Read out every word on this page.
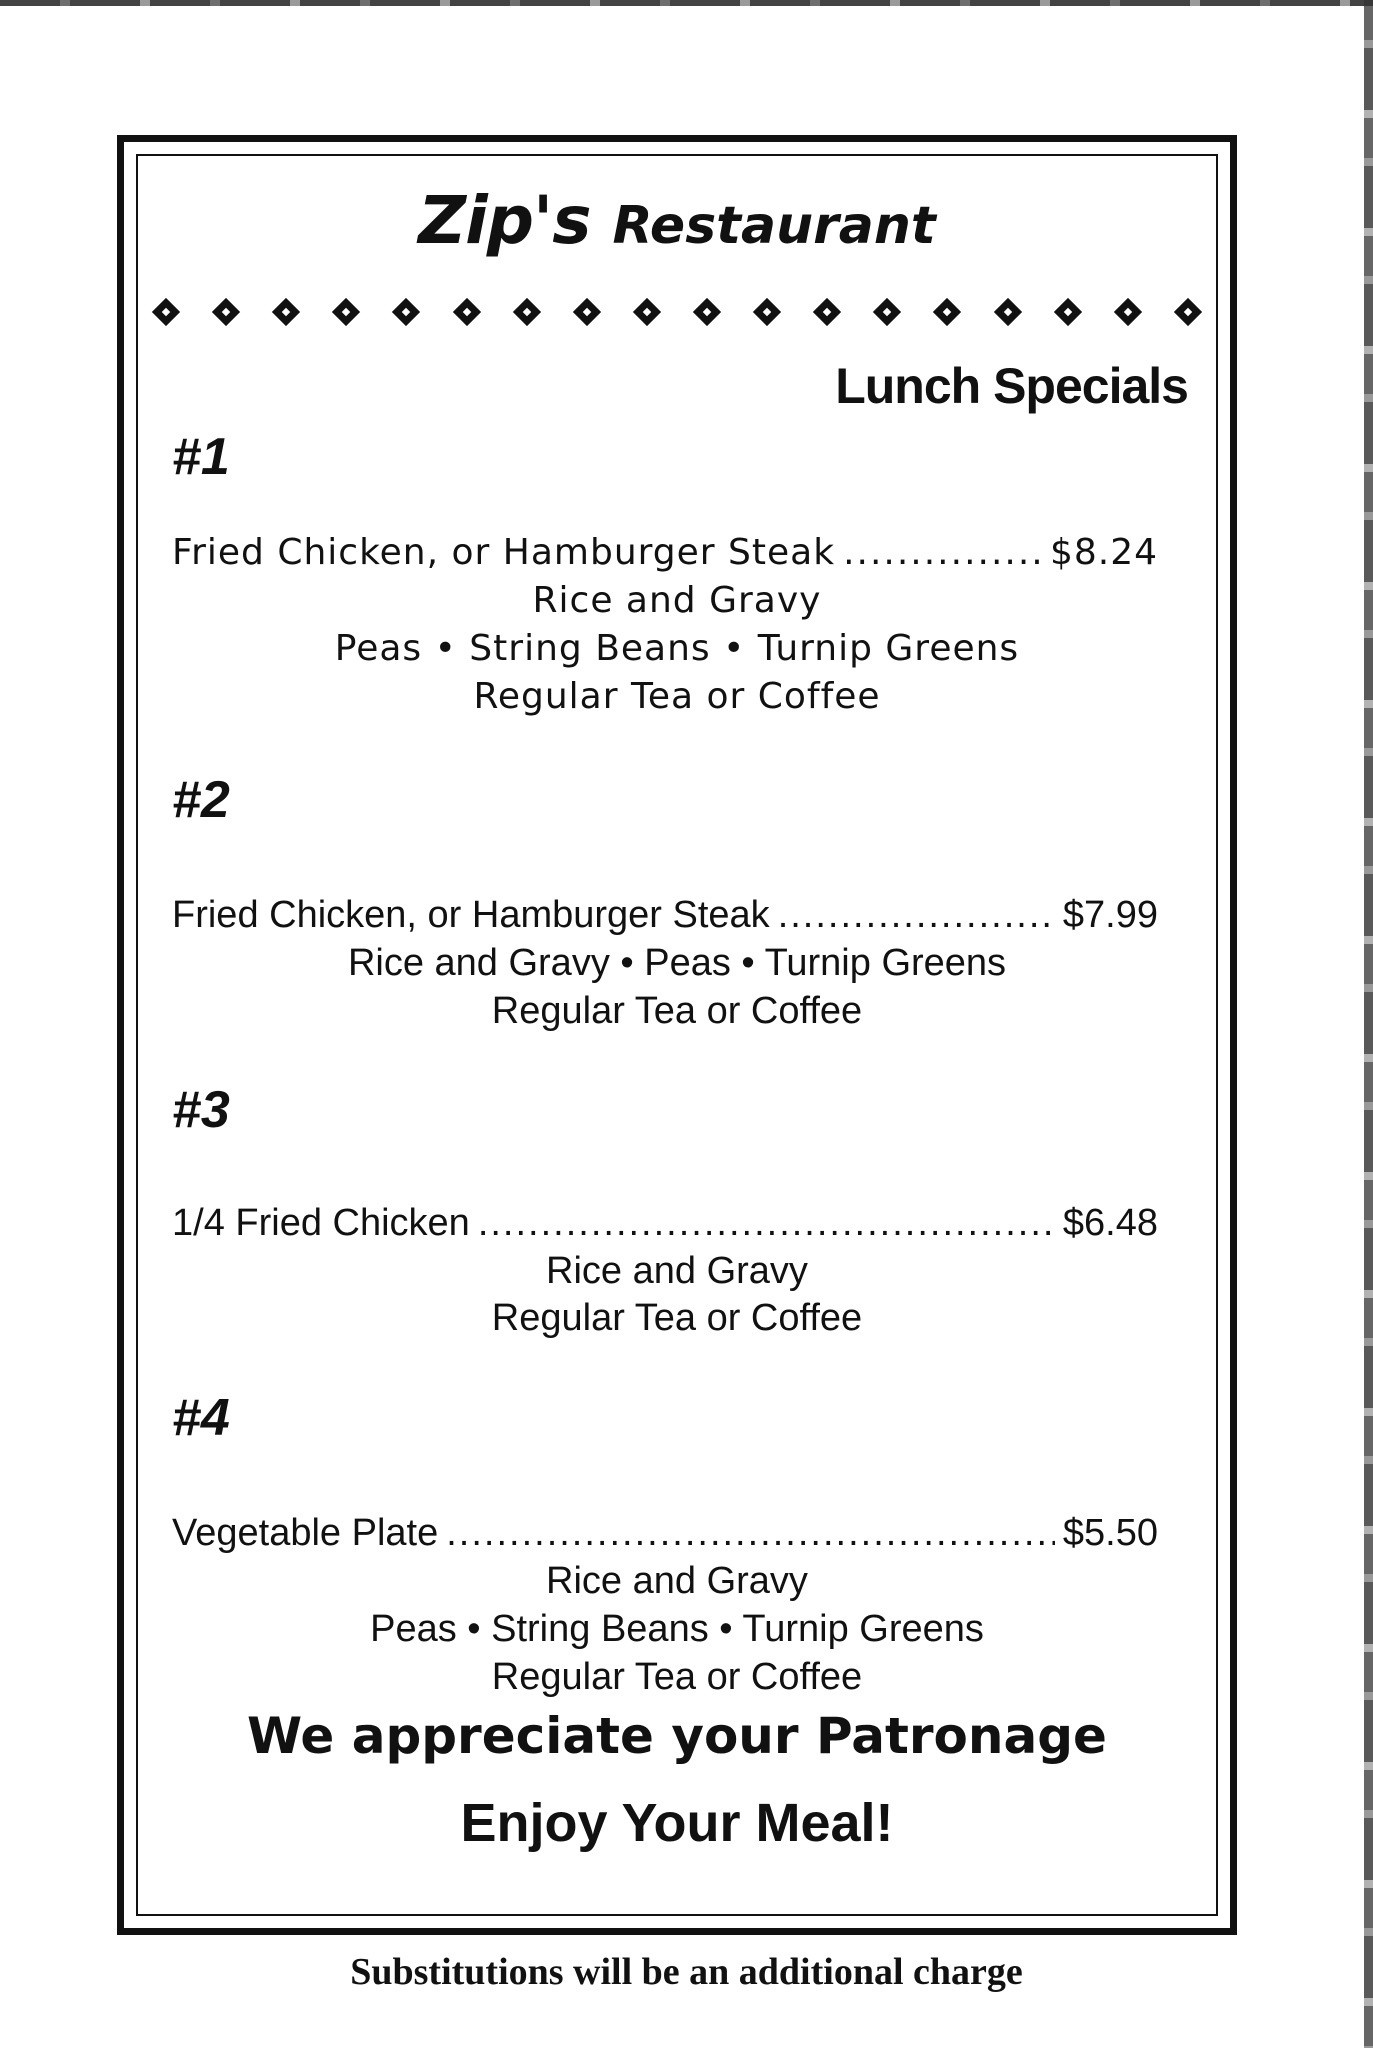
Zip's Restaurant
Lunch Specials
#1
Fried Chicken, or Hamburger Steak .....	$8.24
Rice and Gravy
Peas • String Beans • Turnip Greens
Regular Tea or Coffee
#2
Fried Chicken, or Hamburger Steak .....	$7.99
Rice and Gravy • Peas • Turnip Greens
Regular Tea or Coffee
#3
1/4 Fried Chicken .....	$6.48
Rice and Gravy
Regular Tea or Coffee
#4
Vegetable Plate .....	$5.50
Rice and Gravy
Peas • String Beans • Turnip Greens
Regular Tea or Coffee
We appreciate your Patronage
Enjoy Your Meal!
Substitutions will be an additional charge
